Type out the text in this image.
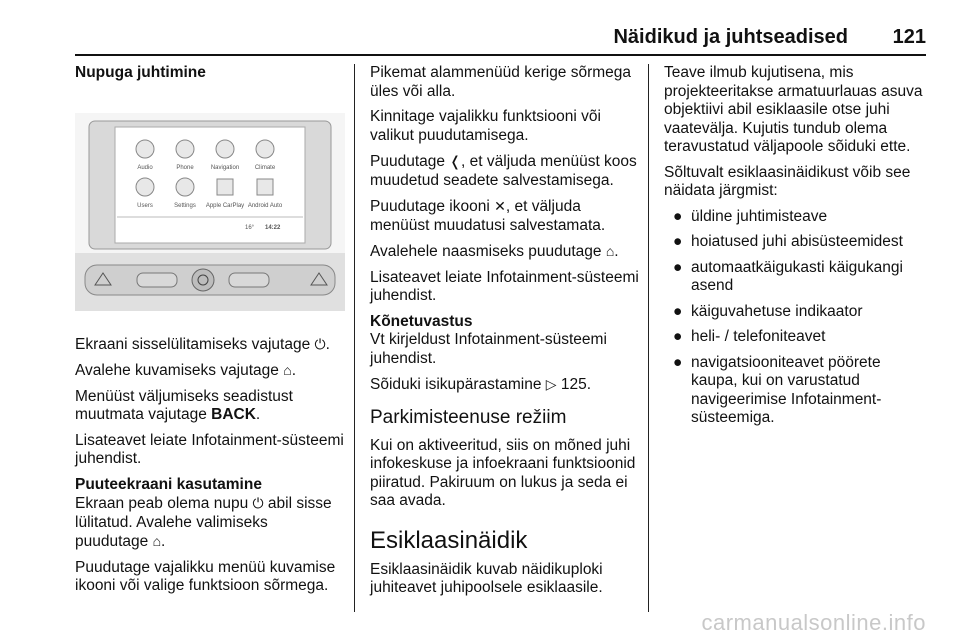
Näidikud ja juhtseadised 121

Nupuga juhtimine

Audio	Phone	Navigation	Climate
Users	Settings Apple CarPlay Android Auto
16° 14:22

Ekraani sisselülitamiseks vajutage ⏻.

Avalehe kuvamiseks vajutage ⌂.

Menüüst väljumiseks seadistust muutmata vajutage BACK.

Lisateavet leiate Infotainment-süsteemi juhendist.

Puuteekraani kasutamine

Ekraan peab olema nupu ⏻ abil sisse lülitatud. Avalehe valimiseks puudutage ⌂.

Puudutage vajalikku menüü kuvamise ikooni või valige funktsioon sõrmega.

Pikemat alammenüüd kerige sõrmega üles või alla.

Kinnitage vajalikku funktsiooni või valikut puudutamisega.

Puudutage ❬, et väljuda menüüst koos muudetud seadete salvestamisega.

Puudutage ikooni ✕, et väljuda menüüst muudatusi salvestamata.

Avalehele naasmiseks puudutage ⌂.

Lisateavet leiate Infotainment-süsteemi juhendist.

Kõnetuvastus

Vt kirjeldust Infotainment-süsteemi juhendist.

Sõiduki isikupärastamine ▷ 125.

Parkimisteenuse režiim

Kui on aktiveeritud, siis on mõned juhi infokeskuse ja infoekraani funktsioonid piiratud. Pakiruum on lukus ja seda ei saa avada.

Esiklaasinäidik

Esiklaasinäidik kuvab näidikuploki juhiteavet juhipoolsele esiklaasile.

Teave ilmub kujutisena, mis projekteeritakse armatuurlauas asuva objektiivi abil esiklaasile otse juhi vaatevälja. Kujutis tundub olema teravustatud väljapoole sõiduki ette.

Sõltuvalt esiklaasinäidikust võib see näidata järgmist:

● üldine juhtimisteave
● hoiatused juhi abisüsteemidest
● automaatkäigukasti käigukangi asend
● käiguvahetuse indikaator
● heli- / telefoniteavet
● navigatsiooniteavet pöörete kaupa, kui on varustatud navigeerimise Infotainment-süsteemiga.
carmanualsonline.info
